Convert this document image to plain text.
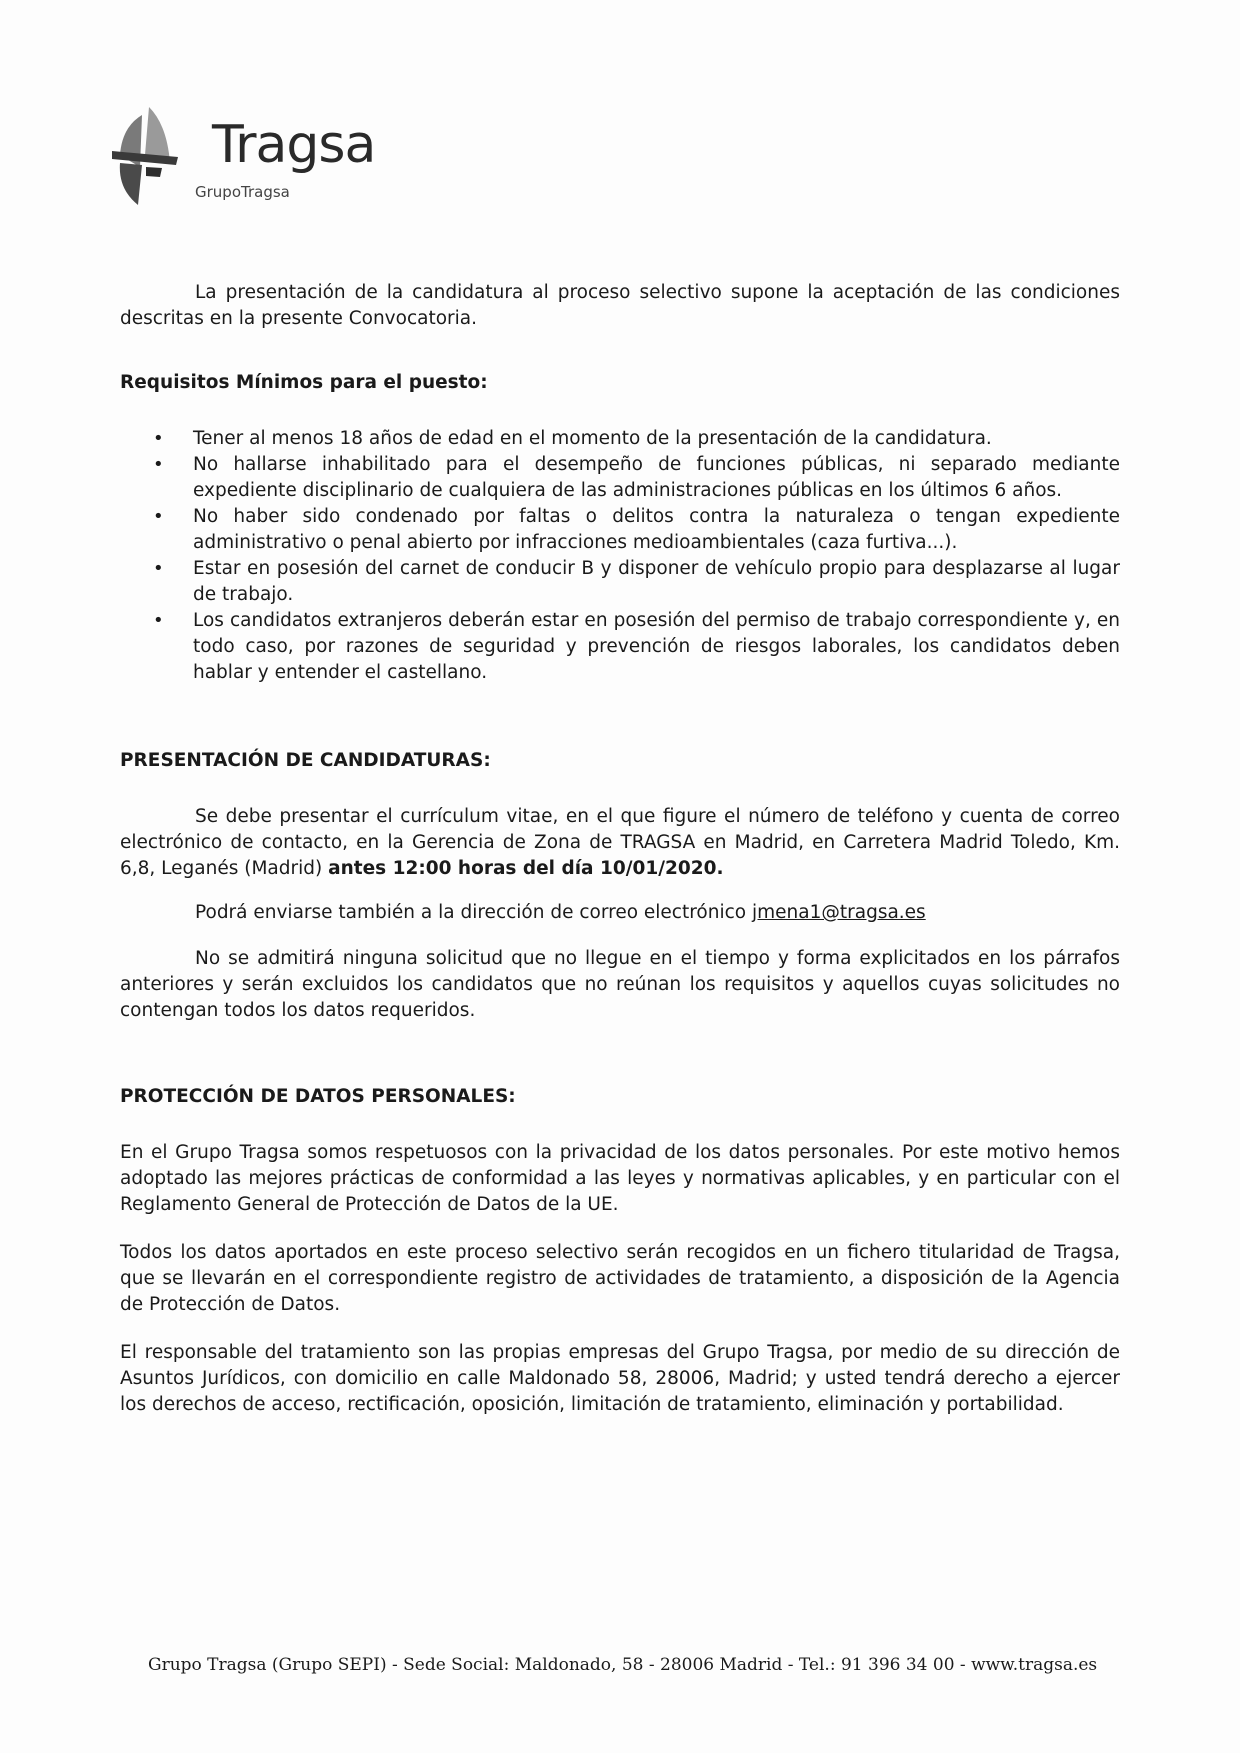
Tragsa
GrupoTragsa

La presentación de la candidatura al proceso selectivo supone la aceptación de las condiciones descritas en la presente Convocatoria.

Requisitos Mínimos para el puesto:
• Tener al menos 18 años de edad en el momento de la presentación de la candidatura.
• No hallarse inhabilitado para el desempeño de funciones públicas, ni separado mediante expediente disciplinario de cualquiera de las administraciones públicas en los últimos 6 años.
• No haber sido condenado por faltas o delitos contra la naturaleza o tengan expediente administrativo o penal abierto por infracciones medioambientales (caza furtiva...).
• Estar en posesión del carnet de conducir B y disponer de vehículo propio para desplazarse al lugar de trabajo.
• Los candidatos extranjeros deberán estar en posesión del permiso de trabajo correspondiente y, en todo caso, por razones de seguridad y prevención de riesgos laborales, los candidatos deben hablar y entender el castellano.
PRESENTACIÓN DE CANDIDATURAS:

Se debe presentar el currículum vitae, en el que figure el número de teléfono y cuenta de correo electrónico de contacto, en la Gerencia de Zona de TRAGSA en Madrid, en Carretera Madrid Toledo, Km. 6,8, Leganés (Madrid) antes 12:00 horas del día 10/01/2020.

Podrá enviarse también a la dirección de correo electrónico jmena1@tragsa.es

No se admitirá ninguna solicitud que no llegue en el tiempo y forma explicitados en los párrafos anteriores y serán excluidos los candidatos que no reúnan los requisitos y aquellos cuyas solicitudes no contengan todos los datos requeridos.

PROTECCIÓN DE DATOS PERSONALES:

En el Grupo Tragsa somos respetuosos con la privacidad de los datos personales. Por este motivo hemos adoptado las mejores prácticas de conformidad a las leyes y normativas aplicables, y en particular con el Reglamento General de Protección de Datos de la UE.

Todos los datos aportados en este proceso selectivo serán recogidos en un fichero titularidad de Tragsa, que se llevarán en el correspondiente registro de actividades de tratamiento, a disposición de la Agencia de Protección de Datos.

El responsable del tratamiento son las propias empresas del Grupo Tragsa, por medio de su dirección de Asuntos Jurídicos, con domicilio en calle Maldonado 58, 28006, Madrid; y usted tendrá derecho a ejercer los derechos de acceso, rectificación, oposición, limitación de tratamiento, eliminación y portabilidad.

Grupo Tragsa (Grupo SEPI) - Sede Social: Maldonado, 58 - 28006 Madrid - Tel.: 91 396 34 00 - www.tragsa.es
